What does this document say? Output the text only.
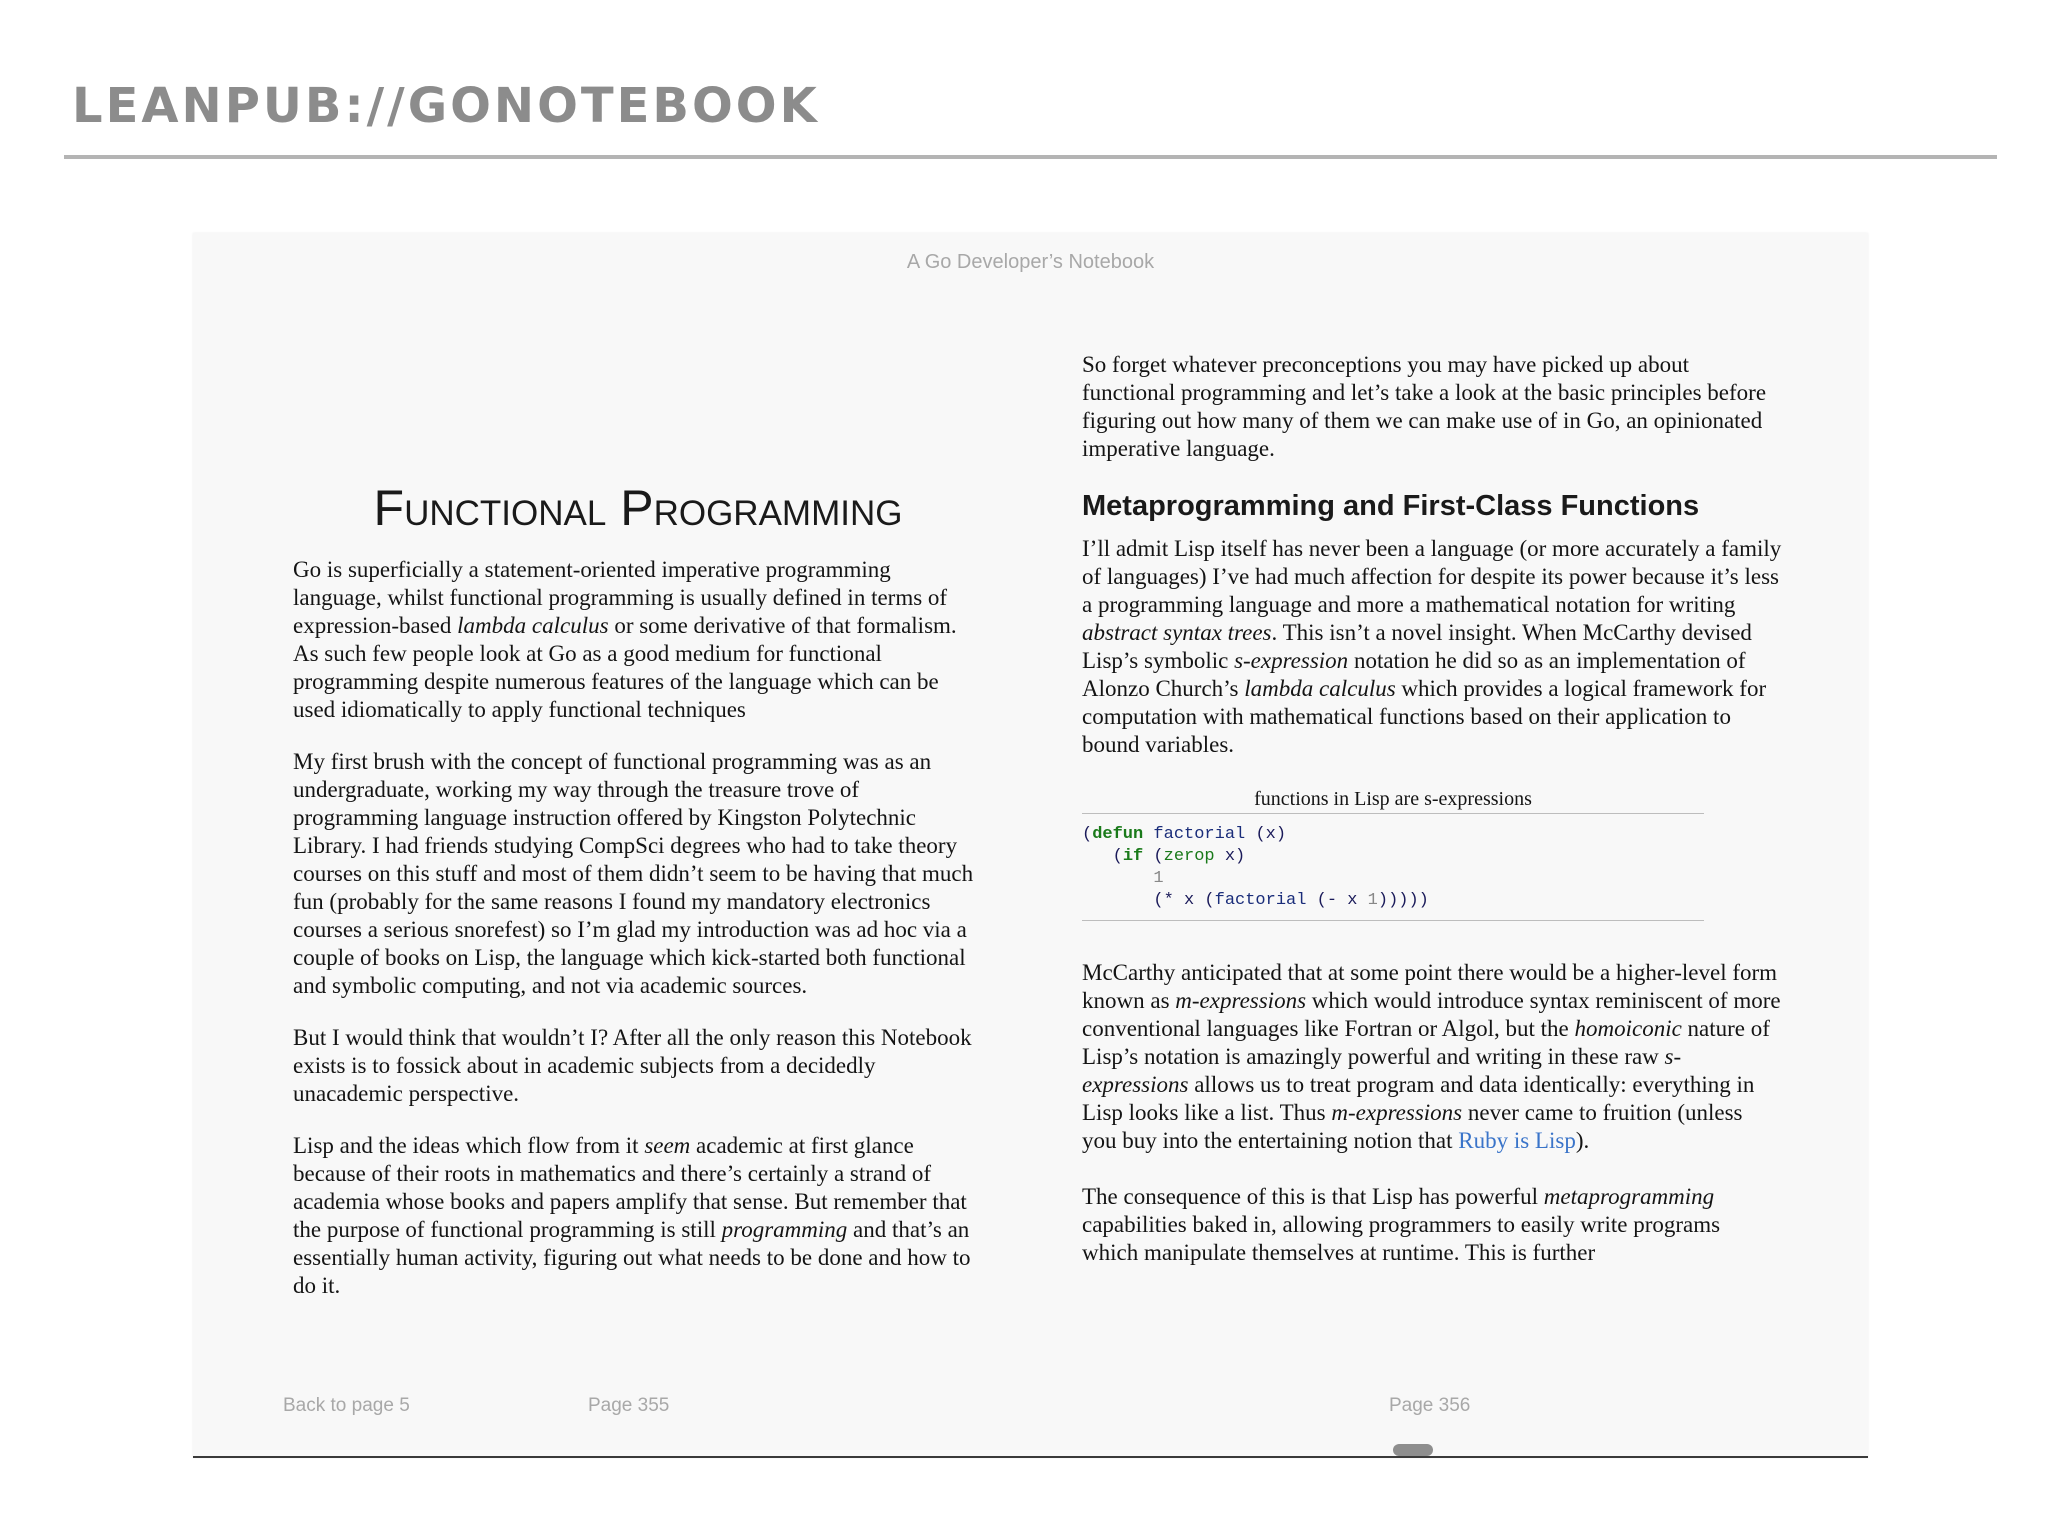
LEANPUB://GONOTEBOOK
A Go Developer’s Notebook
Functional Programming

Go is superficially a statement-oriented imperative programming language, whilst functional programming is usually defined in terms of expression-based lambda calculus or some derivative of that formalism. As such few people look at Go as a good medium for functional programming despite numerous features of the language which can be used idiomatically to apply functional techniques

My first brush with the concept of functional programming was as an undergraduate, working my way through the treasure trove of programming language instruction offered by Kingston Polytechnic Library. I had friends studying CompSci degrees who had to take theory courses on this stuff and most of them didn’t seem to be having that much fun (probably for the same reasons I found my mandatory electronics courses a serious snorefest) so I’m glad my introduction was ad hoc via a couple of books on Lisp, the language which kick-started both functional and symbolic computing, and not via academic sources.

But I would think that wouldn’t I? After all the only reason this Notebook exists is to fossick about in academic subjects from a decidedly unacademic perspective.

Lisp and the ideas which flow from it seem academic at first glance because of their roots in mathematics and there’s certainly a strand of academia whose books and papers amplify that sense. But remember that the purpose of functional programming is still programming and that’s an essentially human activity, figuring out what needs to be done and how to do it.

So forget whatever preconceptions you may have picked up about functional programming and let’s take a look at the basic principles before figuring out how many of them we can make use of in Go, an opinionated imperative language.

Metaprogramming and First-Class Functions

I’ll admit Lisp itself has never been a language (or more accurately a family of languages) I’ve had much affection for despite its power because it’s less a programming language and more a mathematical notation for writing abstract syntax trees. This isn’t a novel insight. When McCarthy devised Lisp’s symbolic s-expression notation he did so as an implementation of Alonzo Church’s lambda calculus which provides a logical framework for computation with mathematical functions based on their application to bound variables.

functions in Lisp are s-expressions
(defun factorial (x)
(if (zerop x)
1
(* x (factorial (- x 1)))))

McCarthy anticipated that at some point there would be a higher-level form known as m-expressions which would introduce syntax reminiscent of more conventional languages like Fortran or Algol, but the homoiconic nature of Lisp’s notation is amazingly powerful and writing in these raw s-expressions allows us to treat program and data identically: everything in Lisp looks like a list. Thus m-expressions never came to fruition (unless you buy into the entertaining notion that Ruby is Lisp).

The consequence of this is that Lisp has powerful metaprogramming capabilities baked in, allowing programmers to easily write programs which manipulate themselves at runtime. This is further

Back to page 5	Page 355	Page 356
